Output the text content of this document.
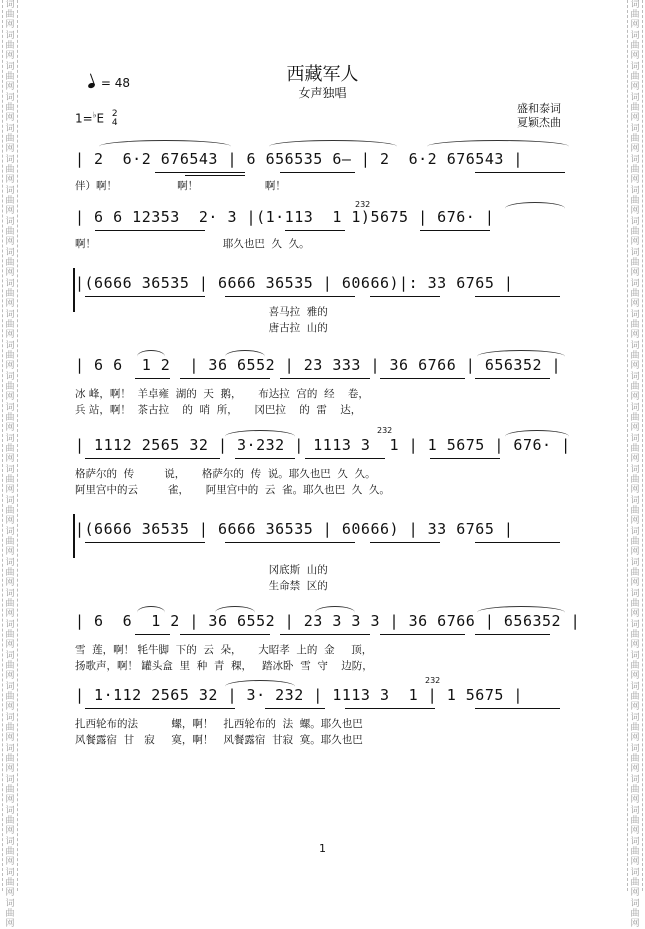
词曲网
词曲网
词曲网
词曲网
词曲网
词曲网
词曲网
词曲网
词曲网
词曲网
词曲网
词曲网
词曲网
词曲网
词曲网
词曲网
词曲网
词曲网
词曲网
词曲网
词曲网
词曲网
词曲网
词曲网
词曲网
词曲网
词曲网
词曲网
词曲网
词曲网
词曲网
词曲网
词曲网
词曲网
词曲网
词曲网
词曲网
词曲网
词曲网
词曲网
词曲网
词曲网
词曲网
词曲网
词曲网
词曲网
词曲网
词曲网
词曲网
词曲网
词曲网
词曲网
词曲网
词曲网
词曲网
词曲网
词曲网
词曲网
词曲网
词曲网
西藏军人
女声独唱
= 48
1=♭E 2
4
盛和泰词
夏颖杰曲
| 2  6·2 676543 | 6 656535 6— | 2  6·2 676543 |
伴）啊！                  啊！                    啊！
232
| 6 6 12353  2· 3 |(1·113  1 1)5675 | 676· |
啊！                                      耶久也巴  久  久。
|(6666 36535 | 6666 36535 | 60666)|: 33 6765 |
喜马拉  雅的
唐古拉  山的
| 6 6  1 2  | 36 6552 | 23 333 | 36 6766 | 656352 |
冰 峰，啊！  羊卓雍  湖的  天  鹅，     布达拉  宫的  经    卷，
兵 站，啊！  茶古拉    的  哨  所，     冈巴拉    的  雷    达，
232
| 1112 2565 32 | 3·232 | 1113 3  1 | 1 5675 | 676· |
格萨尔的  传         说，     格萨尔的  传  说。耶久也巴  久  久。
阿里宫中的云         雀，     阿里宫中的  云  雀。耶久也巴  久  久。
|(6666 36535 | 6666 36535 | 60666) | 33 6765 |
冈底斯  山的
生命禁  区的
| 6  6  1 2 | 36 6552 | 23 3 3 3 | 36 6766 | 656352 |
雪  莲，啊！ 牦牛脚  下的  云  朵，     大昭孝  上的  金     顶，
扬歌声，啊！ 罐头盒  里  种  青  稞，   踏冰卧  雪  守    边防，
232
| 1·112 2565 32 | 3· 232 | 1113 3  1 | 1 5675 |
扎西轮布的法          螺，啊！   扎西轮布的  法  螺。耶久也巴
风餐露宿  甘   寂     寞，啊！   风餐露宿  甘寂  寞。耶久也巴
1
